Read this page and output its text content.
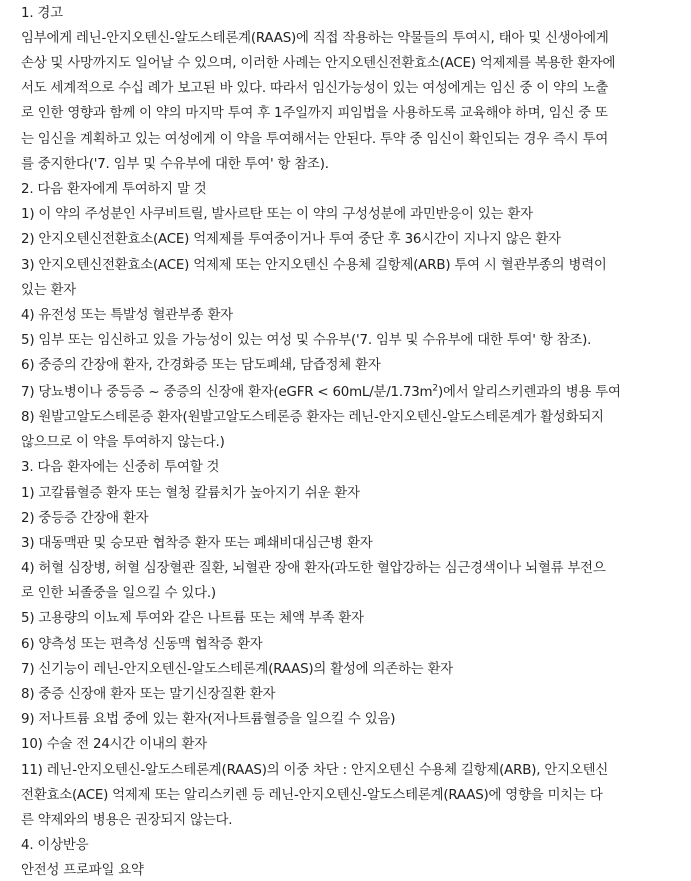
1. 경고
임부에게 레닌-안지오텐신-알도스테론계(RAAS)에 직접 작용하는 약물들의 투여시, 태아 및 신생아에게
손상 및 사망까지도 일어날 수 있으며, 이러한 사례는 안지오텐신전환효소(ACE) 억제제를 복용한 환자에
서도 세계적으로 수십 례가 보고된 바 있다. 따라서 임신가능성이 있는 여성에게는 임신 중 이 약의 노출
로 인한 영향과 함께 이 약의 마지막 투여 후 1주일까지 피임법을 사용하도록 교육해야 하며, 임신 중 또
는 임신을 계획하고 있는 여성에게 이 약을 투여해서는 안된다. 투약 중 임신이 확인되는 경우 즉시 투여
를 중지한다('7. 임부 및 수유부에 대한 투여' 항 참조).
2. 다음 환자에게 투여하지 말 것
1) 이 약의 주성분인 사쿠비트릴, 발사르탄 또는 이 약의 구성성분에 과민반응이 있는 환자
2) 안지오텐신전환효소(ACE) 억제제를 투여중이거나 투여 중단 후 36시간이 지나지 않은 환자
3) 안지오텐신전환효소(ACE) 억제제 또는 안지오텐신 수용체 길항제(ARB) 투여 시 혈관부종의 병력이
있는 환자
4) 유전성 또는 특발성 혈관부종 환자
5) 임부 또는 임신하고 있을 가능성이 있는 여성 및 수유부('7. 임부 및 수유부에 대한 투여' 항 참조).
6) 중증의 간장애 환자, 간경화증 또는 담도폐쇄, 담즙정체 환자
7) 당뇨병이나 중등증 ~ 중증의 신장애 환자(eGFR < 60mL/분$/1.73m^2$)에서 알리스키렌과의 병용 투여
8) 원발고알도스테론증 환자(원발고알도스테론증 환자는 레닌-안지오텐신-알도스테론계가 활성화되지
않으므로 이 약을 투여하지 않는다.)
3. 다음 환자에는 신중히 투여할 것
1) 고칼륨혈증 환자 또는 혈청 칼륨치가 높아지기 쉬운 환자
2) 중등증 간장애 환자
3) 대동맥판 및 승모판 협착증 환자 또는 폐쇄비대심근병 환자
4) 허혈 심장병, 허혈 심장혈관 질환, 뇌혈관 장애 환자(과도한 혈압강하는 심근경색이나 뇌혈류 부전으
로 인한 뇌졸중을 일으킬 수 있다.)
5) 고용량의 이뇨제 투여와 같은 나트륨 또는 체액 부족 환자
6) 양측성 또는 편측성 신동맥 협착증 환자
7) 신기능이 레닌-안지오텐신-알도스테론계(RAAS)의 활성에 의존하는 환자
8) 중증 신장애 환자 또는 말기신장질환 환자
9) 저나트륨 요법 중에 있는 환자(저나트륨혈증을 일으킬 수 있음)
10) 수술 전 24시간 이내의 환자
11) 레닌-안지오텐신-알도스테론계(RAAS)의 이중 차단 : 안지오텐신 수용체 길항제(ARB), 안지오텐신
전환효소(ACE) 억제제 또는 알리스키렌 등 레닌-안지오텐신-알도스테론계(RAAS)에 영향을 미치는 다
른 약제와의 병용은 권장되지 않는다.
4. 이상반응
안전성 프로파일 요약
